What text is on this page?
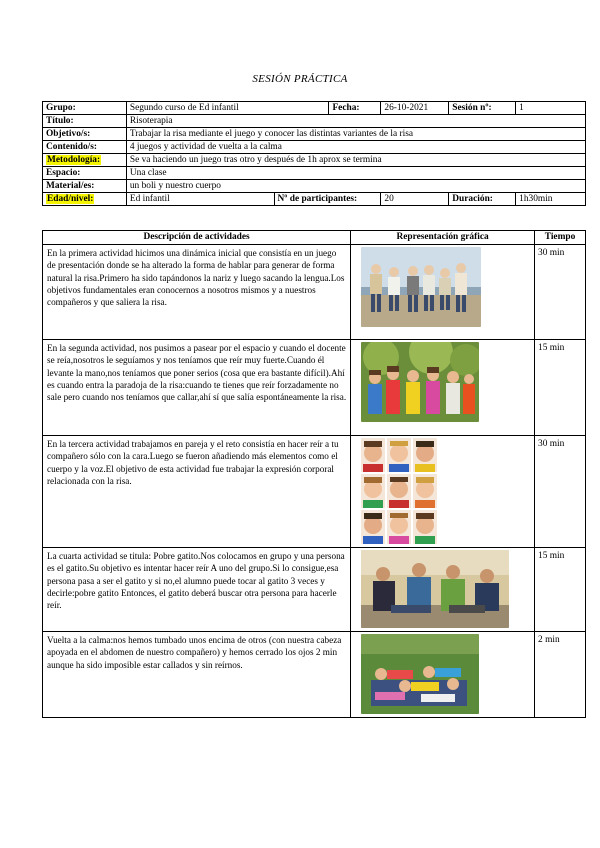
SESIÓN PRÁCTICA
Grupo:	Segundo curso de Ed infantil		Fecha:	26-10-2021	Sesión nº:	1
Título:	Risoterapia					
Objetivo/s:	Trabajar la risa mediante el juego y conocer las distintas variantes de la risa					
Contenido/s:	4 juegos y actividad de vuelta a la calma					
Metodología:	Se va haciendo un juego tras otro y después de 1h aprox se termina					
Espacio:	Una clase					
Material/es:	un boli y nuestro cuerpo					
Edad/nivel:	Ed infantil	Nº de participantes:		20	Duración:	1h30min
Descripción de actividades	Representación gráfica	Tiempo
En la primera actividad hicimos una dinámica inicial que consistía en un juego de presentación donde se ha alterado la forma de hablar para generar de forma natural la risa.Primero ha sido tapándonos la nariz y luego sacando la lengua.Los objetivos fundamentales eran conocernos a nosotros mismos y a nuestros compañeros y que saliera la risa.		30 min
En la segunda actividad, nos pusimos a pasear por el espacio y cuando el docente se reía,nosotros le seguíamos y nos teníamos que reír muy fuerte.Cuando él levante la mano,nos teníamos que poner serios (cosa que era bastante difícil).Ahí es cuando entra la paradoja de la risa:cuando te tienes que reír forzadamente no sale pero cuando nos teníamos que callar,ahí sí que salía espontáneamente la risa.		15 min
En la tercera actividad trabajamos en pareja y el reto consistía en hacer reír a tu compañero sólo con la cara.Luego se fueron añadiendo más elementos como el cuerpo y la voz.El objetivo de esta actividad fue trabajar la expresión corporal relacionada con la risa.		30 min
La cuarta actividad se titula: Pobre gatito.Nos colocamos en grupo y una persona es el gatito.Su objetivo es intentar hacer reír A uno del grupo.Si lo consigue,esa persona pasa a ser el gatito y si no,el alumno puede tocar al gatito 3 veces y decirle:pobre gatito Entonces, el gatito deberá buscar otra persona para hacerle reír.		15 min
Vuelta a la calma:nos hemos tumbado unos encima de otros (con nuestra cabeza apoyada en el abdomen de nuestro compañero) y hemos cerrado los ojos 2 min aunque ha sido imposible estar callados y sin reírnos.		2 min
